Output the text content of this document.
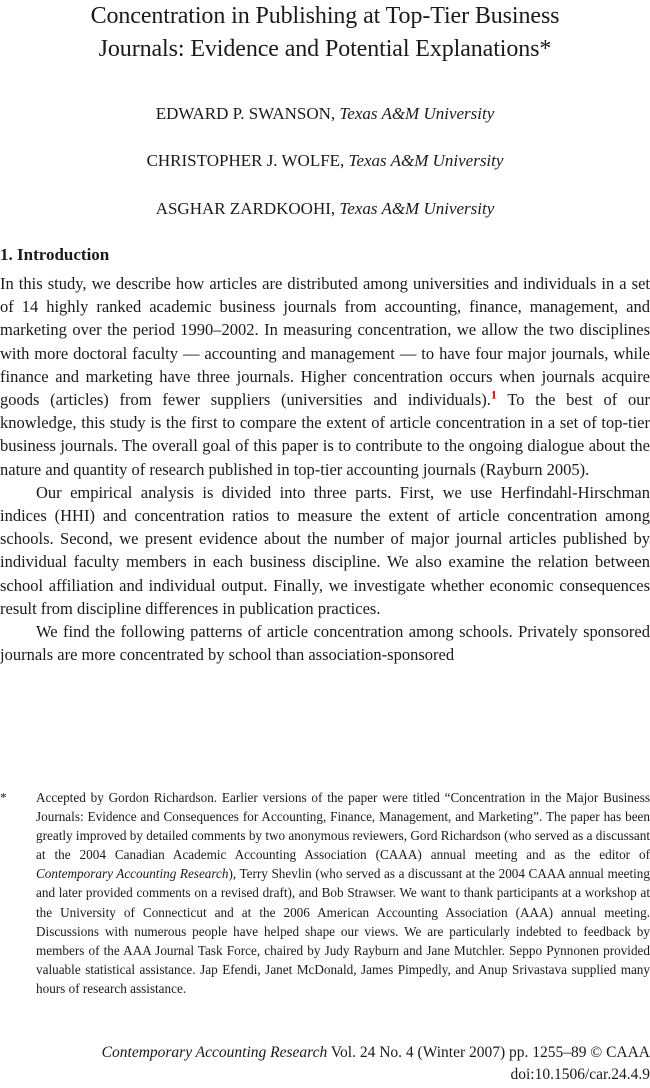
Concentration in Publishing at Top-Tier Business
Journals: Evidence and Potential Explanations*
EDWARD P. SWANSON, Texas A&M University
CHRISTOPHER J. WOLFE, Texas A&M University
ASGHAR ZARDKOOHI, Texas A&M University
1. Introduction

In this study, we describe how articles are distributed among universities and individuals in a set of 14 highly ranked academic business journals from accounting, finance, management, and marketing over the period 1990–2002. In measuring concentration, we allow the two disciplines with more doctoral faculty — accounting and management — to have four major journals, while finance and marketing have three journals. Higher concentration occurs when journals acquire goods (articles) from fewer suppliers (universities and individuals).$^1$ To the best of our knowledge, this study is the first to compare the extent of article concentration in a set of top-tier business journals. The overall goal of this paper is to contribute to the ongoing dialogue about the nature and quantity of research published in top-tier accounting journals (Rayburn 2005).

Our empirical analysis is divided into three parts. First, we use Herfindahl-Hirschman indices (HHI) and concentration ratios to measure the extent of article concentration among schools. Second, we present evidence about the number of major journal articles published by individual faculty members in each business discipline. We also examine the relation between school affiliation and individual output. Finally, we investigate whether economic consequences result from discipline differences in publication practices.

We find the following patterns of article concentration among schools. Privately sponsored journals are more concentrated by school than association-sponsored

* Accepted by Gordon Richardson. Earlier versions of the paper were titled “Concentration in the Major Business Journals: Evidence and Consequences for Accounting, Finance, Management, and Marketing”. The paper has been greatly improved by detailed comments by two anonymous reviewers, Gord Richardson (who served as a discussant at the 2004 Canadian Academic Accounting Association (CAAA) annual meeting and as the editor of Contemporary Accounting Research), Terry Shevlin (who served as a discussant at the 2004 CAAA annual meeting and later provided comments on a revised draft), and Bob Strawser. We want to thank participants at a workshop at the University of Connecticut and at the 2006 American Accounting Association (AAA) annual meeting. Discussions with numerous people have helped shape our views. We are particularly indebted to feedback by members of the AAA Journal Task Force, chaired by Judy Rayburn and Jane Mutchler. Seppo Pynnonen provided valuable statistical assistance. Jap Efendi, Janet McDonald, James Pimpedly, and Anup Srivastava supplied many hours of research assistance.
Contemporary Accounting Research Vol. 24 No. 4 (Winter 2007) pp. 1255–89 © CAAA
doi:10.1506/car.24.4.9
